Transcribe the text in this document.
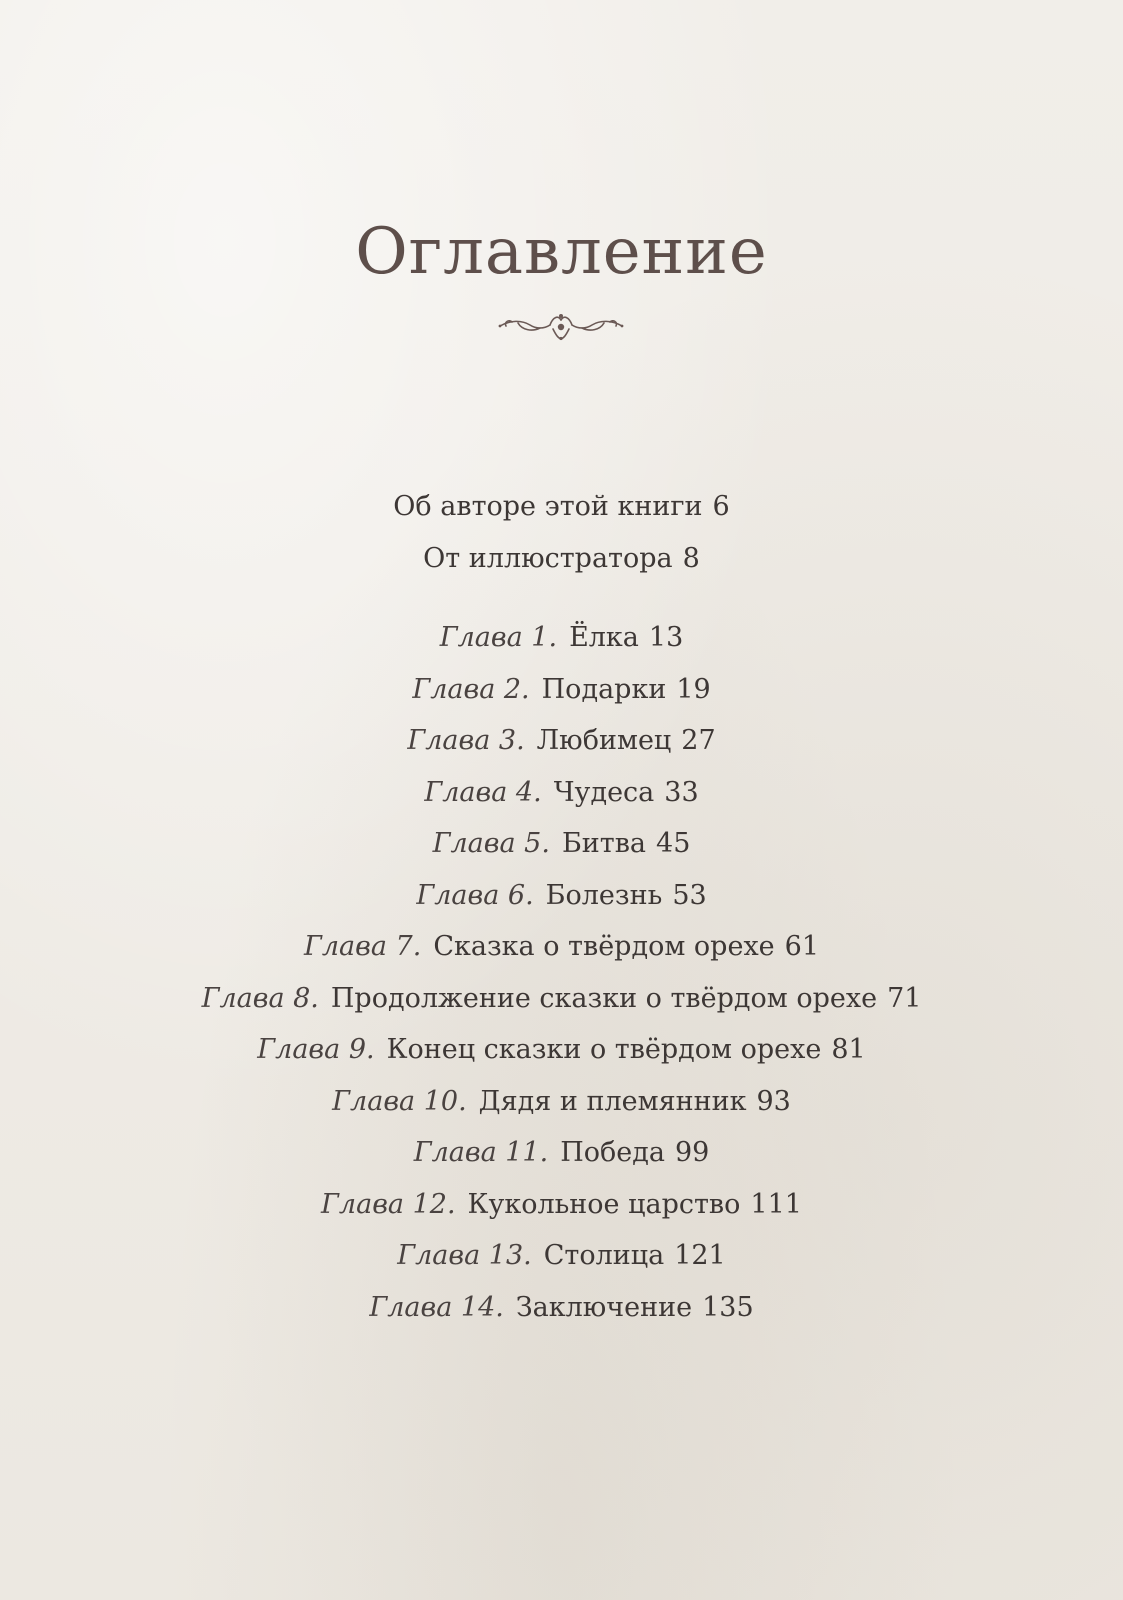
Оглавление
Об авторе этой книги 6
От иллюстратора 8
Глава 1. Ёлка 13
Глава 2. Подарки 19
Глава 3. Любимец 27
Глава 4. Чудеса 33
Глава 5. Битва 45
Глава 6. Болезнь 53
Глава 7. Сказка о твёрдом орехе 61
Глава 8. Продолжение сказки о твёрдом орехе 71
Глава 9. Конец сказки о твёрдом орехе 81
Глава 10. Дядя и племянник 93
Глава 11. Победа 99
Глава 12. Кукольное царство 111
Глава 13. Столица 121
Глава 14. Заключение 135
